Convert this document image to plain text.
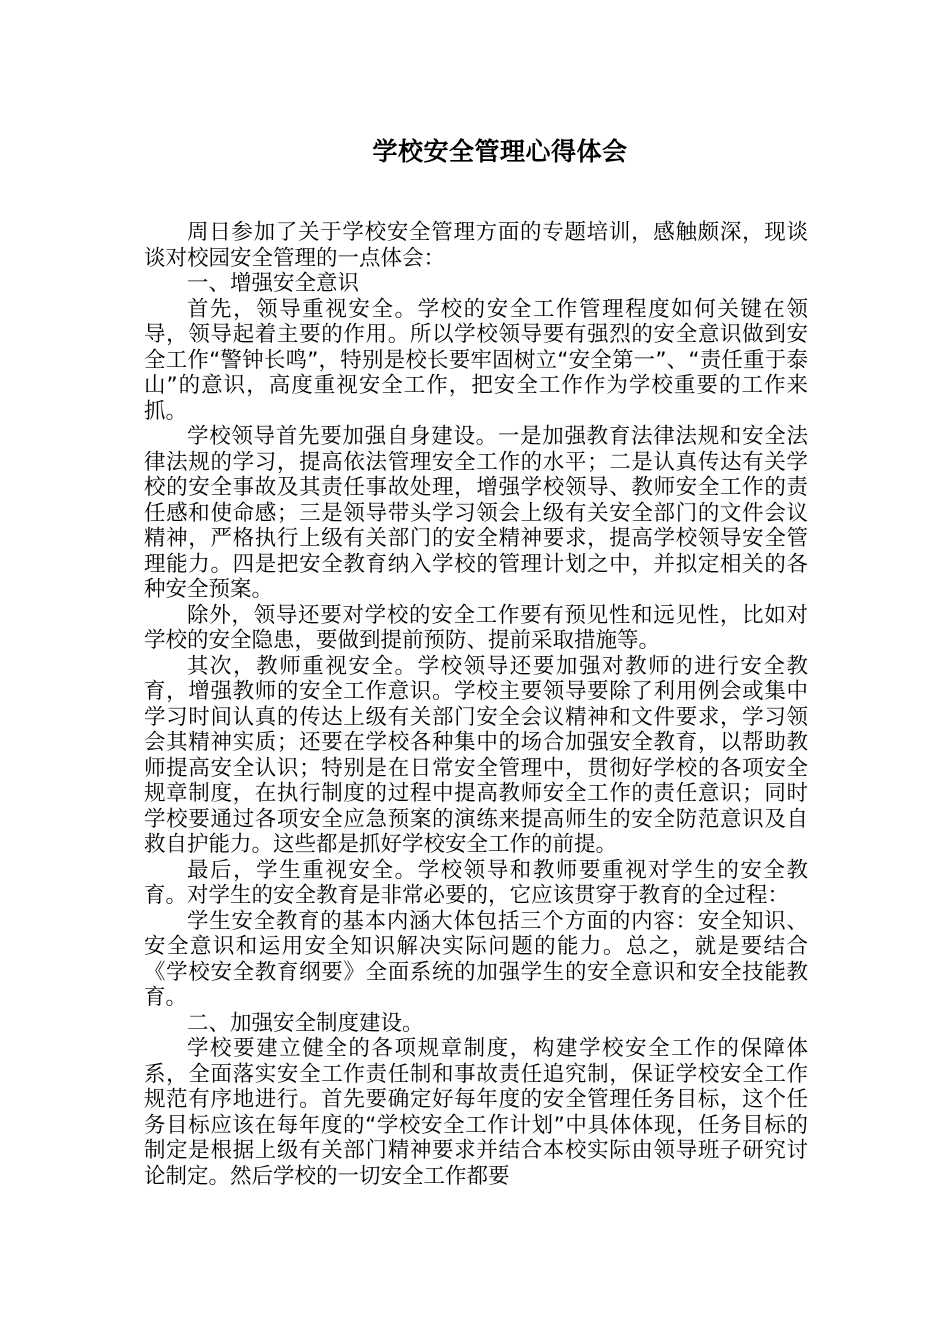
学校安全管理心得体会

周日参加了关于学校安全管理方面的专题培训，感触颇深，现谈谈对校园安全管理的一点体会：

一、增强安全意识

首先，领导重视安全。学校的安全工作管理程度如何关键在领导，领导起着主要的作用。所以学校领导要有强烈的安全意识做到安全工作“警钟长鸣”，特别是校长要牢固树立“安全第一”、“责任重于泰山”的意识，高度重视安全工作，把安全工作作为学校重要的工作来抓。

学校领导首先要加强自身建设。一是加强教育法律法规和安全法律法规的学习，提高依法管理安全工作的水平；二是认真传达有关学校的安全事故及其责任事故处理，增强学校领导、教师安全工作的责任感和使命感；三是领导带头学习领会上级有关安全部门的文件会议精神，严格执行上级有关部门的安全精神要求，提高学校领导安全管理能力。四是把安全教育纳入学校的管理计划之中，并拟定相关的各种安全预案。

除外，领导还要对学校的安全工作要有预见性和远见性，比如对学校的安全隐患，要做到提前预防、提前采取措施等。

其次，教师重视安全。学校领导还要加强对教师的进行安全教育，增强教师的安全工作意识。学校主要领导要除了利用例会或集中学习时间认真的传达上级有关部门安全会议精神和文件要求，学习领会其精神实质；还要在学校各种集中的场合加强安全教育，以帮助教师提高安全认识；特别是在日常安全管理中，贯彻好学校的各项安全规章制度，在执行制度的过程中提高教师安全工作的责任意识；同时学校要通过各项安全应急预案的演练来提高师生的安全防范意识及自救自护能力。这些都是抓好学校安全工作的前提。

最后，学生重视安全。学校领导和教师要重视对学生的安全教育。对学生的安全教育是非常必要的，它应该贯穿于教育的全过程：

学生安全教育的基本内涵大体包括三个方面的内容：安全知识、安全意识和运用安全知识解决实际问题的能力。总之，就是要结合《学校安全教育纲要》全面系统的加强学生的安全意识和安全技能教育。

二、加强安全制度建设。

学校要建立健全的各项规章制度，构建学校安全工作的保障体系，全面落实安全工作责任制和事故责任追究制，保证学校安全工作规范有序地进行。首先要确定好每年度的安全管理任务目标，这个任务目标应该在每年度的“学校安全工作计划”中具体体现，任务目标的制定是根据上级有关部门精神要求并结合本校实际由领导班子研究讨论制定。然后学校的一切安全工作都要
